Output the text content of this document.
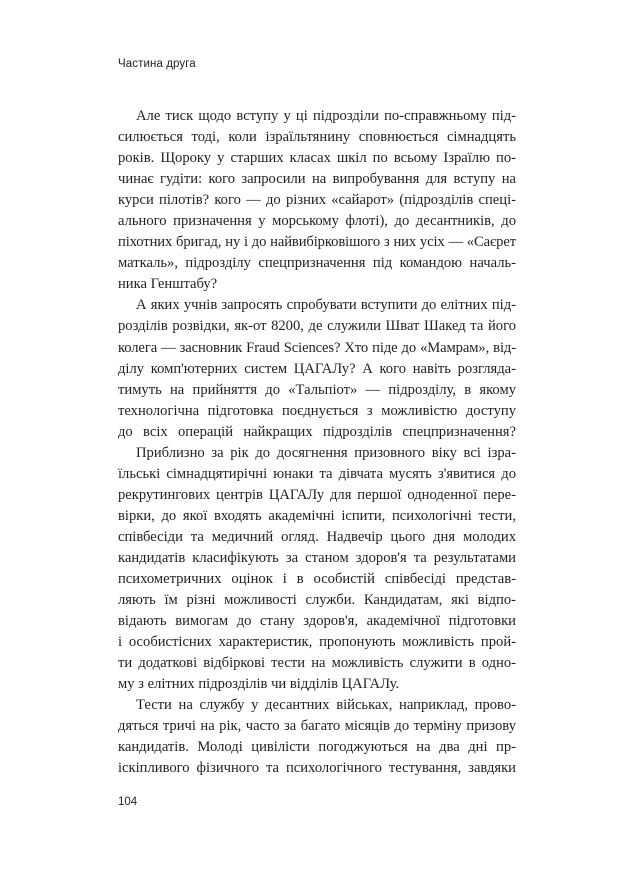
Частина друга
Але тиск щодо вступу у ці підрозділи по-справжньому під-
силюється тоді, коли ізраїльтянину сповнюється сімнадцять
років. Щороку у старших класах шкіл по всьому Ізраїлю по-
чинає гудіти: кого запросили на випробування для вступу на
курси пілотів? кого — до різних «сайарот» (підрозділів спеці-
ального призначення у морському флоті), до десантників, до
піхотних бригад, ну і до найвибірковішого з них усіх — «Саєрет
маткаль», підрозділу спецпризначення під командою началь-
ника Генштабу?
А яких учнів запросять спробувати вступити до елітних під-
розділів розвідки, як-от 8200, де служили Шват Шакед та його
колега — засновник Fraud Sciences? Хто піде до «Мамрам», від-
ділу комп'ютерних систем ЦАГАЛу? А кого навіть розгляда-
тимуть на прийняття до «Тальпіот» — підрозділу, в якому
технологічна підготовка поєднується з можливістю доступу
до всіх операцій найкращих підрозділів спецпризначення?
Приблизно за рік до досягнення призовного віку всі ізра-
їльські сімнадцятирічні юнаки та дівчата мусять з'явитися до
рекрутингових центрів ЦАГАЛу для першої одноденної пере-
вірки, до якої входять академічні іспити, психологічні тести,
співбесіди та медичний огляд. Надвечір цього дня молодих
кандидатів класифікують за станом здоров'я та результатами
психометричних оцінок і в особистій співбесіді представ-
ляють їм різні можливості служби. Кандидатам, які відпо-
відають вимогам до стану здоров'я, академічної підготовки
і особистісних характеристик, пропонують можливість прой-
ти додаткові відбіркові тести на можливість служити в одно-
му з елітних підрозділів чи відділів ЦАГАЛу.
Тести на службу у десантних військах, наприклад, прово-
дяться тричі на рік, часто за багато місяців до терміну призову
кандидатів. Молоді цивілісти погоджуються на два дні пр-
іскіпливого фізичного та психологічного тестування, завдяки
104
